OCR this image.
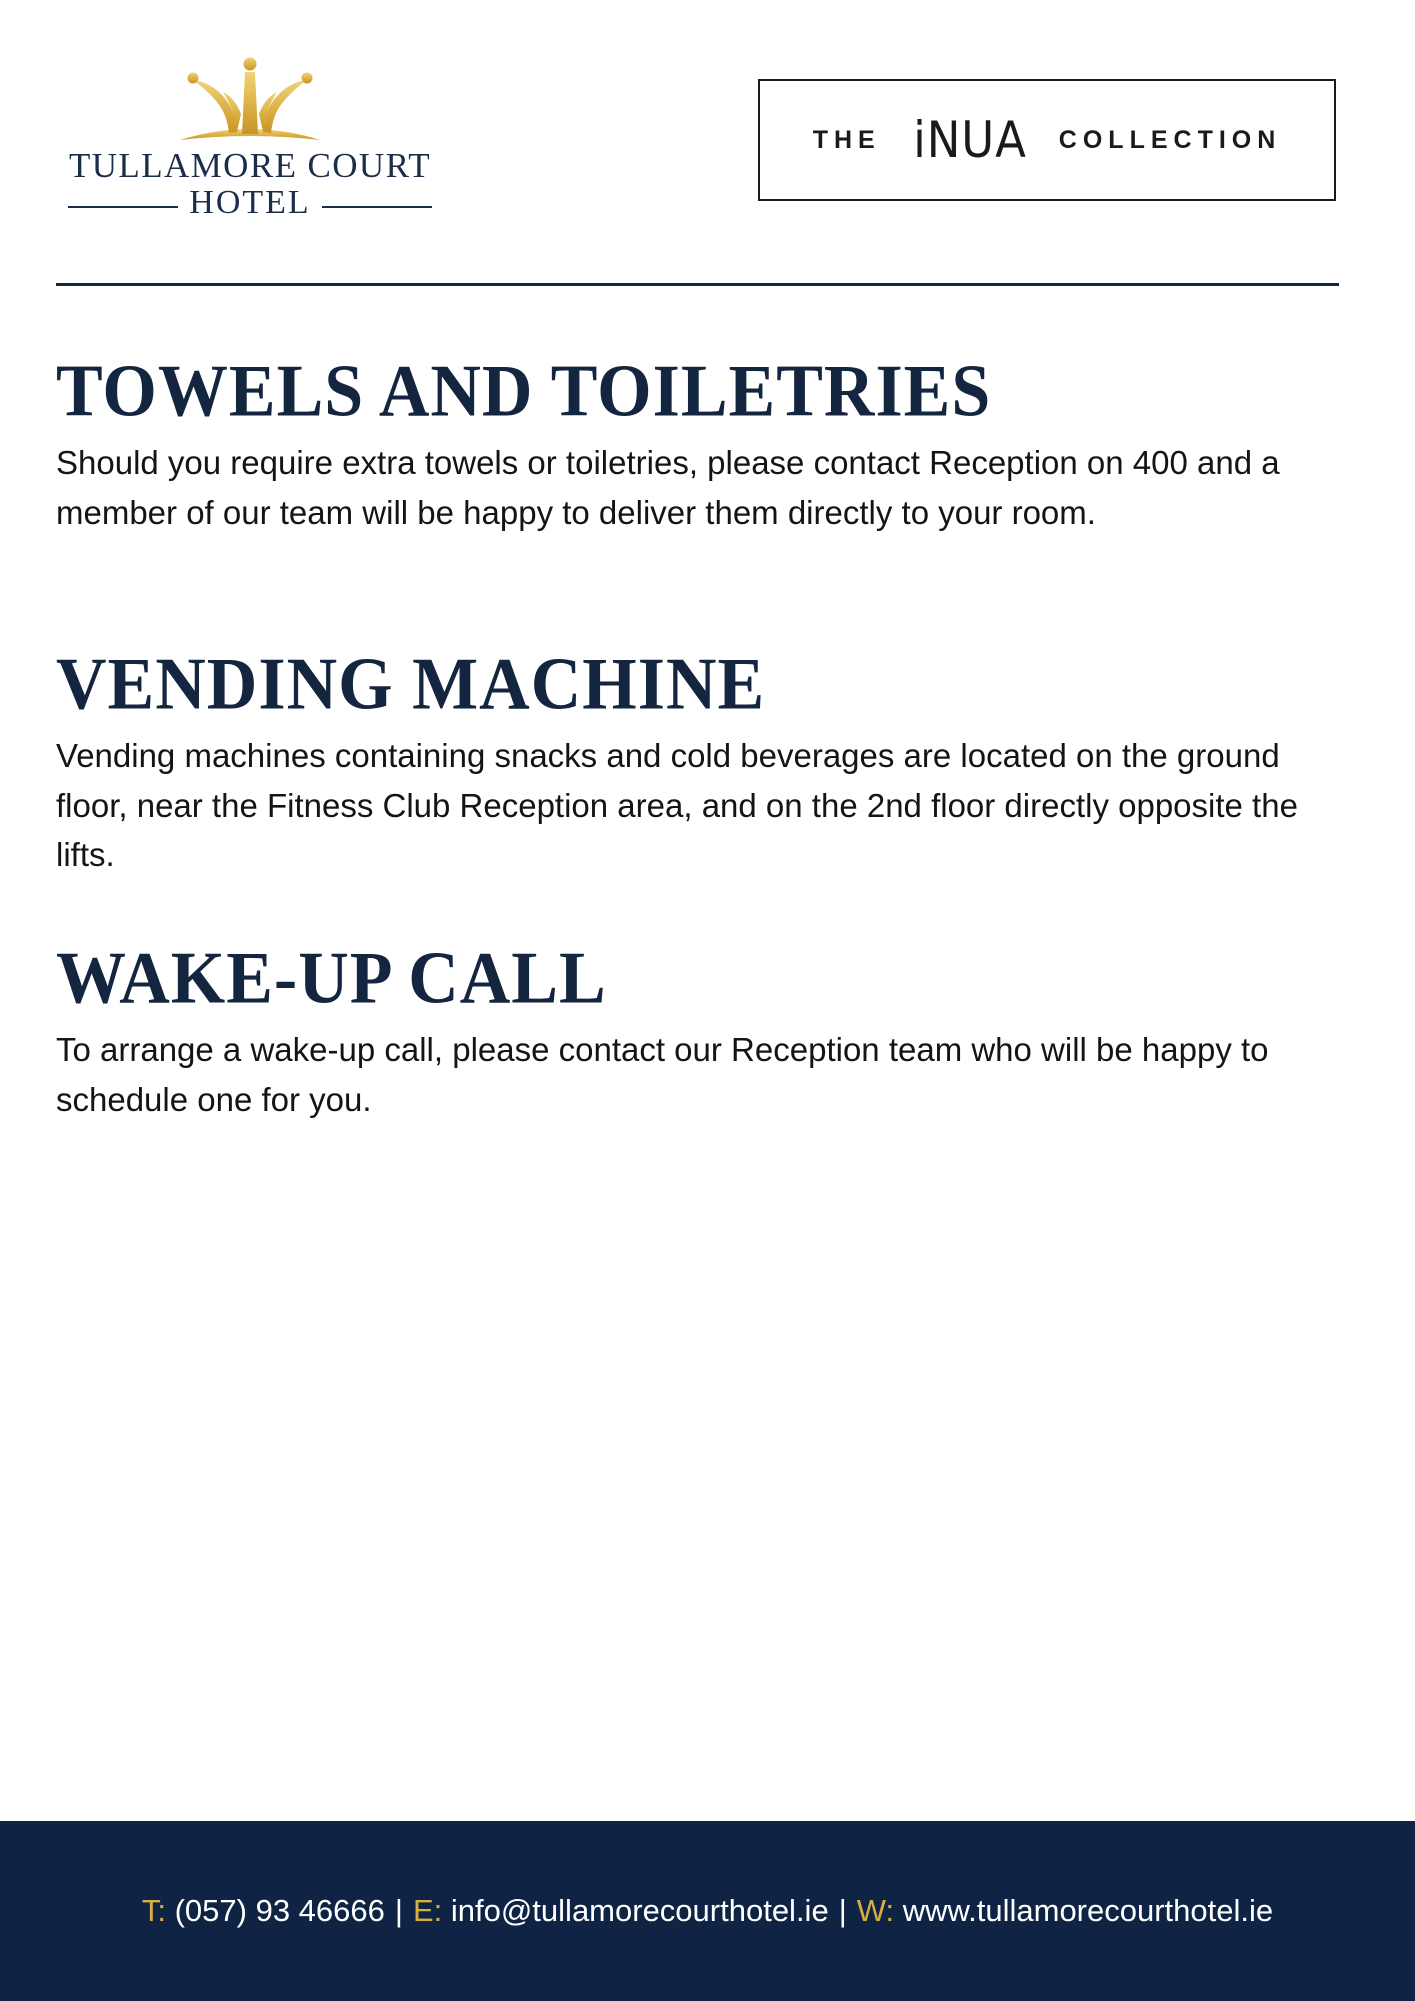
TULLAMORE COURT
HOTEL
THE iNUA COLLECTION
TOWELS AND TOILETRIES

Should you require extra towels or toiletries, please contact Reception on 400 and a member of our team will be happy to deliver them directly to your room.

VENDING MACHINE

Vending machines containing snacks and cold beverages are located on the ground floor, near the Fitness Club Reception area, and on the 2nd floor directly opposite the lifts.

WAKE-UP CALL

To arrange a wake-up call, please contact our Reception team who will be happy to schedule one for you.

T:
(057) 93 46666 | E:
info@tullamorecourthotel.ie | W:
www.tullamorecourthotel.ie
